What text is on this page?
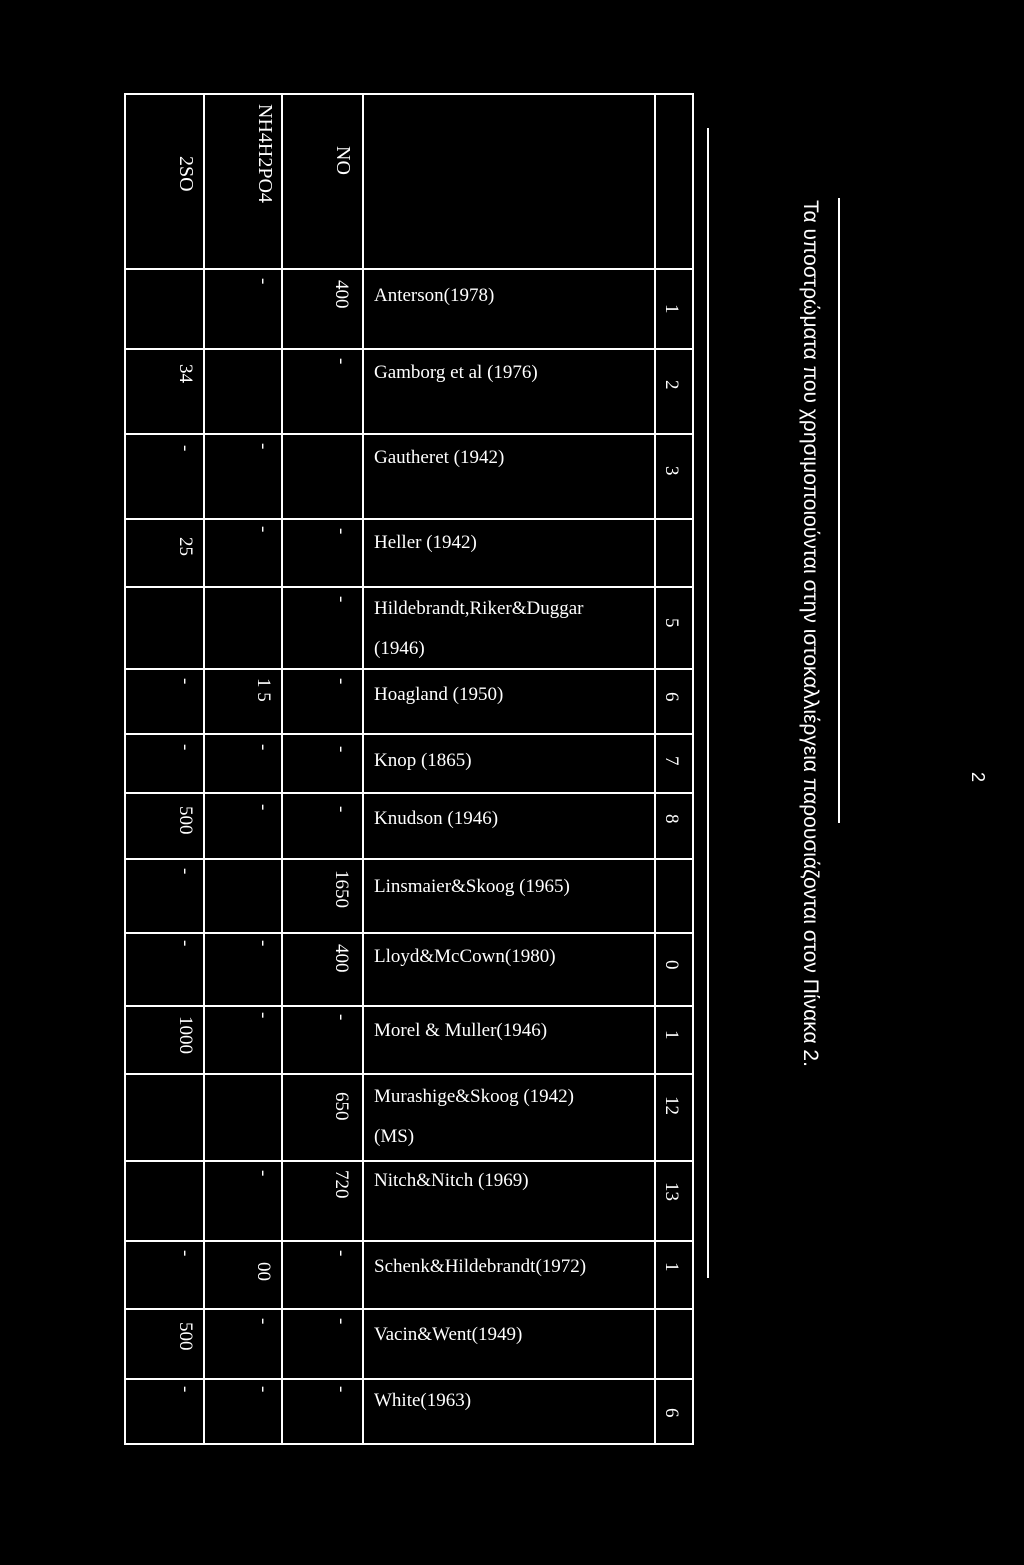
Τα υποστρώματα που χρησιμοποιούνται στην ιστοκαλλιέργεια παρουσιάζονται στον Πίνακα 2.	2
NO
NH4H2PO4
2SO
1
Anterson(1978)
400
-
2
Gamborg et al (1976)
-
34
3
Gautheret (1942)
-
-
Heller (1942)
-
-
25
5
Hildebrandt,Riker&Duggar
(1946)
-
6
Hoagland (1950)
-
1 5
-
7
Knop (1865)
-
-
-
8
Knudson (1946)
-
-
500
Linsmaier&Skoog (1965)
1650
-
0
Lloyd&McCown(1980)
400
-
-
1
Morel & Muller(1946)
-
-
1000
12
Murashige&Skoog (1942)
(MS)
650
13
Nitch&Nitch (1969)
720
-
1
Schenk&Hildebrandt(1972)
-
00
-
Vacin&Went(1949)
-
-
500
6
White(1963)
-
-
-
